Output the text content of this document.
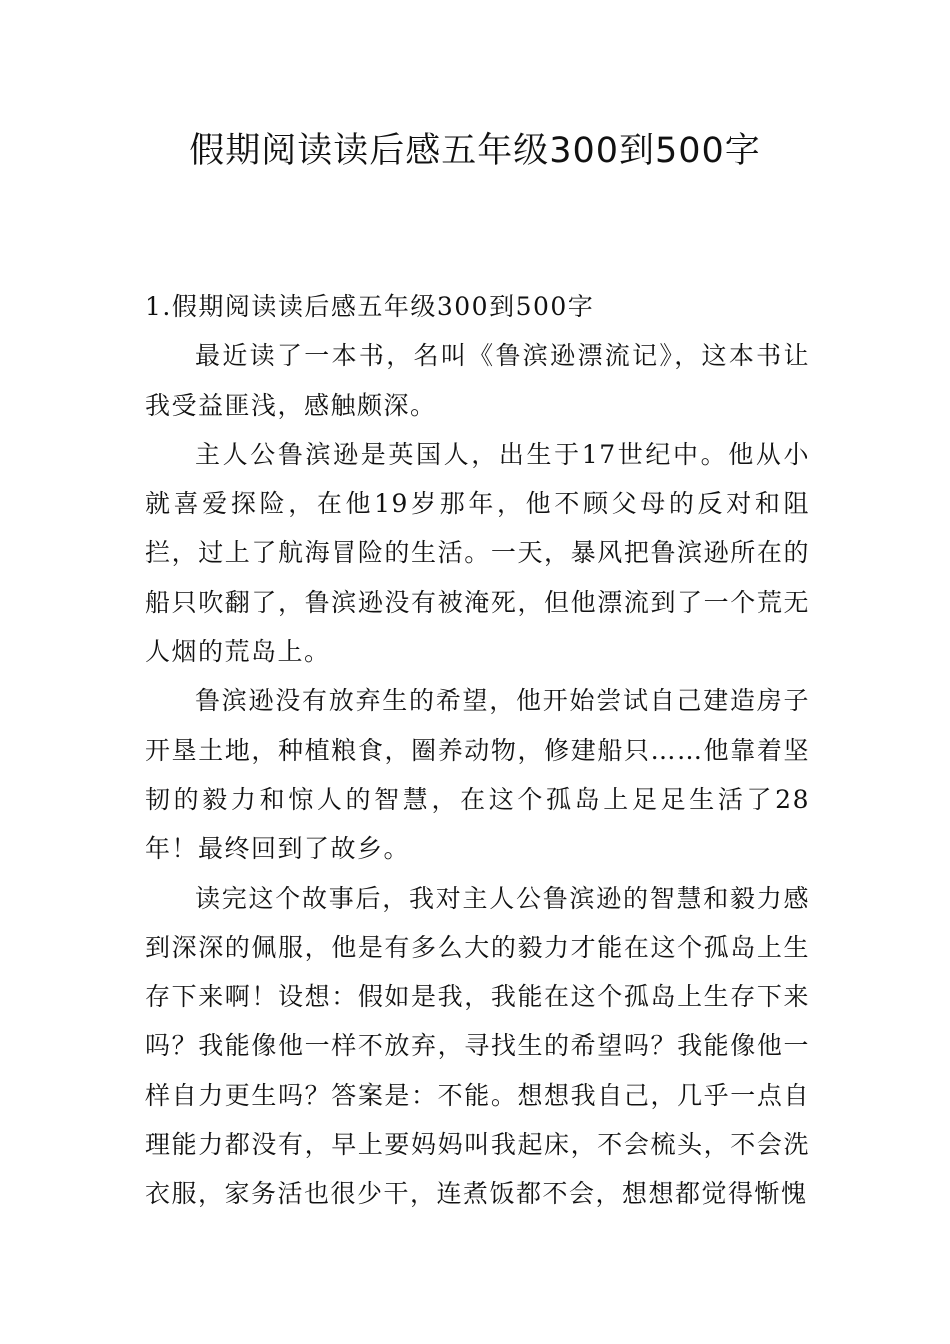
假期阅读读后感五年级300到500字
1.假期阅读读后感五年级300到500字

最近读了一本书，名叫《鲁滨逊漂流记》，这本书让我受益匪浅，感触颇深。

主人公鲁滨逊是英国人，出生于17世纪中。他从小就喜爱探险，在他19岁那年，他不顾父母的反对和阻拦，过上了航海冒险的生活。一天，暴风把鲁滨逊所在的船只吹翻了，鲁滨逊没有被淹死，但他漂流到了一个荒无人烟的荒岛上。

鲁滨逊没有放弃生的希望，他开始尝试自己建造房子开垦土地，种植粮食，圈养动物，修建船只……他靠着坚韧的毅力和惊人的智慧，在这个孤岛上足足生活了28年！最终回到了故乡。

读完这个故事后，我对主人公鲁滨逊的智慧和毅力感到深深的佩服，他是有多么大的毅力才能在这个孤岛上生存下来啊！设想：假如是我，我能在这个孤岛上生存下来吗？我能像他一样不放弃，寻找生的希望吗？我能像他一样自力更生吗？答案是：不能。想想我自己，几乎一点自理能力都没有，早上要妈妈叫我起床，不会梳头，不会洗衣服，家务活也很少干，连煮饭都不会，想想都觉得惭愧
